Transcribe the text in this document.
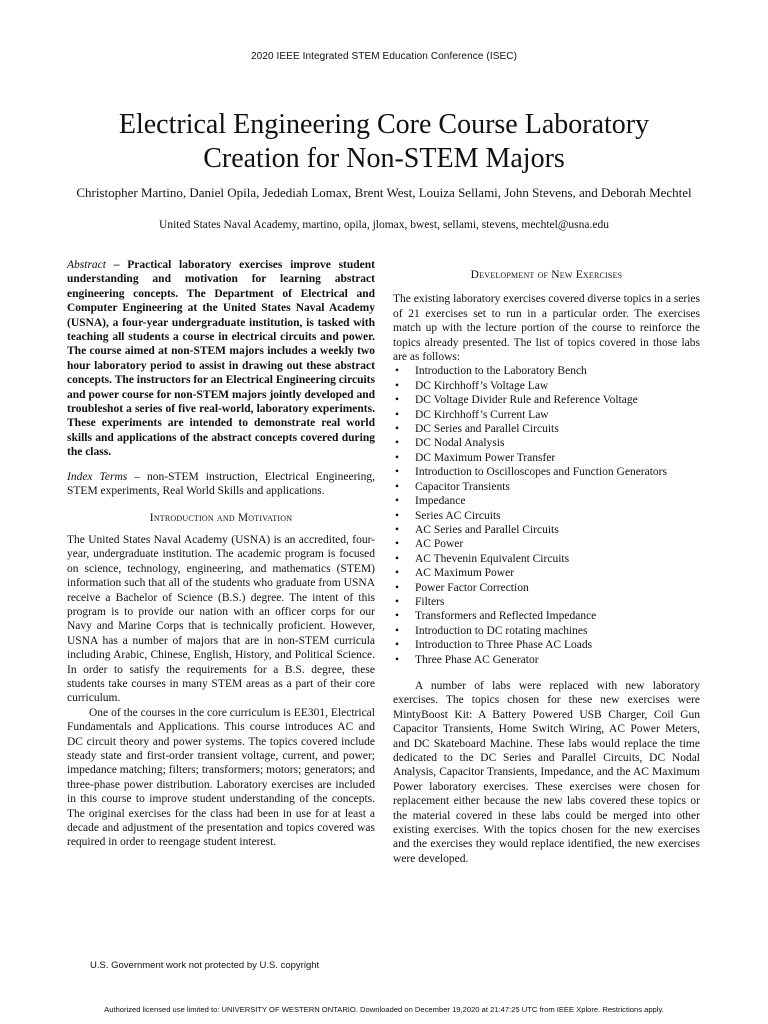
2020 IEEE Integrated STEM Education Conference (ISEC)
Electrical Engineering Core Course Laboratory
Creation for Non-STEM Majors
Christopher Martino, Daniel Opila, Jedediah Lomax, Brent West, Louiza Sellami, John Stevens, and Deborah Mechtel
United States Naval Academy, martino, opila, jlomax, bwest, sellami, stevens, mechtel@usna.edu

Abstract – Practical laboratory exercises improve student understanding and motivation for learning abstract engineering concepts. The Department of Electrical and Computer Engineering at the United States Naval Academy (USNA), a four-year undergraduate institution, is tasked with teaching all students a course in electrical circuits and power. The course aimed at non-STEM majors includes a weekly two hour laboratory period to assist in drawing out these abstract concepts. The instructors for an Electrical Engineering circuits and power course for non-STEM majors jointly developed and troubleshot a series of five real-world, laboratory experiments. These experiments are intended to demonstrate real world skills and applications of the abstract concepts covered during the class.

Index Terms – non-STEM instruction, Electrical Engineering, STEM experiments, Real World Skills and applications.

Introduction and Motivation

The United States Naval Academy (USNA) is an accredited, four-year, undergraduate institution. The academic program is focused on science, technology, engineering, and mathematics (STEM) information such that all of the students who graduate from USNA receive a Bachelor of Science (B.S.) degree. The intent of this program is to provide our nation with an officer corps for our Navy and Marine Corps that is technically proficient. However, USNA has a number of majors that are in non-STEM curricula including Arabic, Chinese, English, History, and Political Science. In order to satisfy the requirements for a B.S. degree, these students take courses in many STEM areas as a part of their core curriculum.

One of the courses in the core curriculum is EE301, Electrical Fundamentals and Applications. This course introduces AC and DC circuit theory and power systems. The topics covered include steady state and first-order transient voltage, current, and power; impedance matching; filters; transformers; motors; generators; and three-phase power distribution. Laboratory exercises are included in this course to improve student understanding of the concepts. The original exercises for the class had been in use for at least a decade and adjustment of the presentation and topics covered was required in order to reengage student interest.

Development of New Exercises

The existing laboratory exercises covered diverse topics in a series of 21 exercises set to run in a particular order. The exercises match up with the lecture portion of the course to reinforce the topics already presented. The list of topics covered in those labs are as follows:

• Introduction to the Laboratory Bench
• DC Kirchhoff’s Voltage Law
• DC Voltage Divider Rule and Reference Voltage
• DC Kirchhoff’s Current Law
• DC Series and Parallel Circuits
• DC Nodal Analysis
• DC Maximum Power Transfer
• Introduction to Oscilloscopes and Function Generators
• Capacitor Transients
• Impedance
• Series AC Circuits
• AC Series and Parallel Circuits
• AC Power
• AC Thevenin Equivalent Circuits
• AC Maximum Power
• Power Factor Correction
• Filters
• Transformers and Reflected Impedance
• Introduction to DC rotating machines
• Introduction to Three Phase AC Loads
• Three Phase AC Generator

A number of labs were replaced with new laboratory exercises. The topics chosen for these new exercises were MintyBoost Kit: A Battery Powered USB Charger, Coil Gun Capacitor Transients, Home Switch Wiring, AC Power Meters, and DC Skateboard Machine. These labs would replace the time dedicated to the DC Series and Parallel Circuits, DC Nodal Analysis, Capacitor Transients, Impedance, and the AC Maximum Power laboratory exercises. These exercises were chosen for replacement either because the new labs covered these topics or the material covered in these labs could be merged into other existing exercises. With the topics chosen for the new exercises and the exercises they would replace identified, the new exercises were developed.

U.S. Government work not protected by U.S. copyright
Authorized licensed use limited to: UNIVERSITY OF WESTERN ONTARIO. Downloaded on December 19,2020 at 21:47:25 UTC from IEEE Xplore. Restrictions apply.
